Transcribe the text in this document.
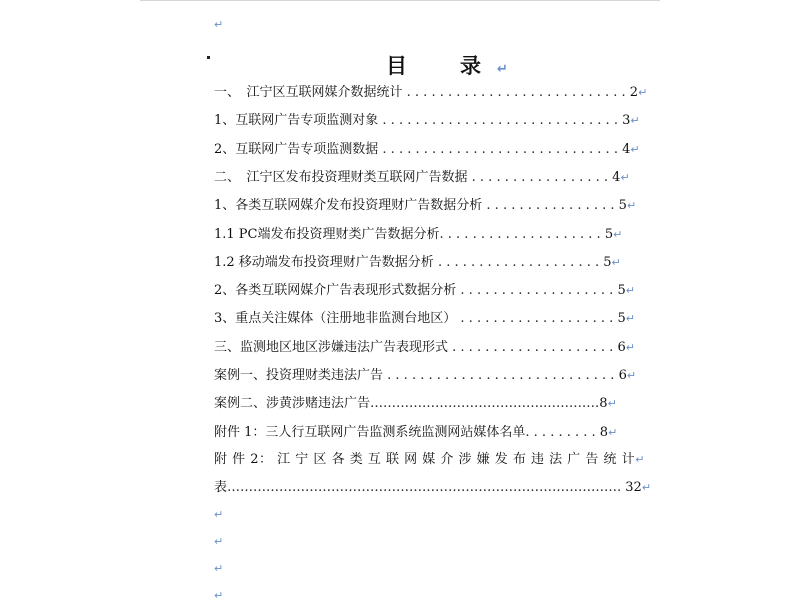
↵
目　录↵
一、　江宁区互联网媒介数据统计 . . . . . . . . . . . . . . . . . . . . . . . . . . . 2↵
1、互联网广告专项监测对象 . . . . . . . . . . . . . . . . . . . . . . . . . . . . . 3↵
2、互联网广告专项监测数据 . . . . . . . . . . . . . . . . . . . . . . . . . . . . . 4↵
二、　江宁区发布投资理财类互联网广告数据 . . . . . . . . . . . . . . . . . 4↵
1、各类互联网媒介发布投资理财广告数据分析 . . . . . . . . . . . . . . . . 5↵
1.1 PC端发布投资理财类广告数据分析. . . . . . . . . . . . . . . . . . . . 5↵
1.2 移动端发布投资理财广告数据分析 . . . . . . . . . . . . . . . . . . . . 5↵
2、各类互联网媒介广告表现形式数据分析 . . . . . . . . . . . . . . . . . . . 5↵
3、重点关注媒体（注册地非监测台地区） . . . . . . . . . . . . . . . . . . . 5↵
三、监测地区地区涉嫌违法广告表现形式 . . . . . . . . . . . . . . . . . . . . 6↵
案例一、投资理财类违法广告 . . . . . . . . . . . . . . . . . . . . . . . . . . . . 6↵
案例二、涉黄涉赌违法广告…………………………………..…………8↵
附件 1：三人行互联网广告监测系统监测网站媒体名单. . . . . . . . . 8↵
附 件 2： 江 宁 区 各 类 互 联 网 媒 介 涉 嫌 发 布 违 法 广 告 统 计↵
表………………………………………………………………………………. 32↵
↵
↵
↵
↵
